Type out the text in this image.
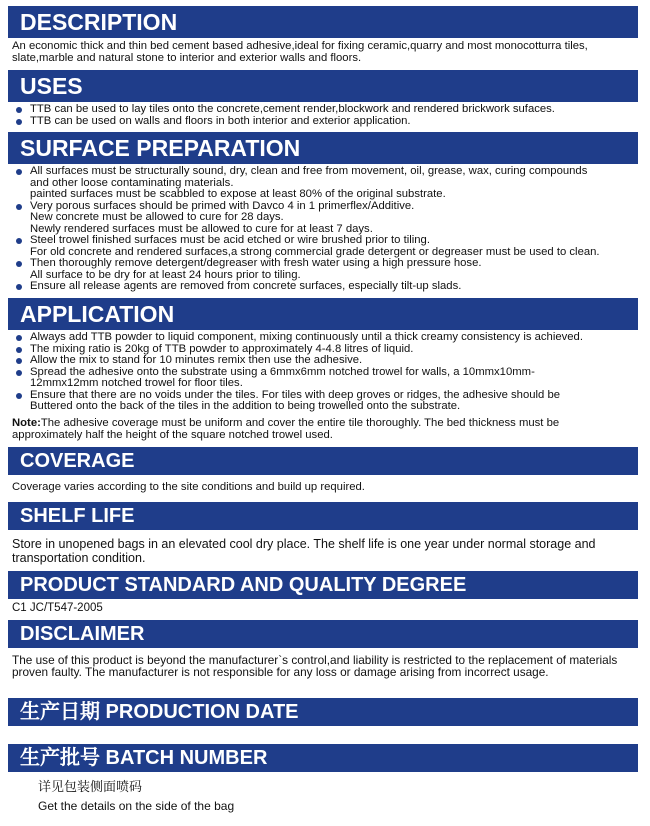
DESCRIPTION
An economic thick and thin bed cement based adhesive,ideal for fixing ceramic,quarry and most monocotturra tiles, slate,marble and natural stone to interior and exterior walls and floors.
USES
TTB can be used to lay tiles onto the concrete,cement render,blockwork and rendered brickwork sufaces.
TTB can be used on walls and floors in both interior and exterior application.
SURFACE PREPARATION
All surfaces must be structurally sound, dry, clean and free from movement, oil, grease, wax, curing compounds
and other loose contaminating materials.
painted surfaces must be scabbled to expose at least 80% of the original substrate.
Very porous surfaces should be primed with Davco 4 in 1 primerflex/Additive.
New concrete must be allowed to cure for 28 days.
Newly rendered surfaces must be allowed to cure for at least 7 days.
Steel trowel finished surfaces must be acid etched or wire brushed prior to tiling.
For old concrete and rendered surfaces,a strong commercial grade detergent or degreaser must be used to clean.
Then thoroughly remove detergent/degreaser with fresh water using a high pressure hose.
All surface to be dry for at least 24 hours prior to tiling.
Ensure all release agents are removed from concrete surfaces, especially tilt-up slads.
APPLICATION
Always add TTB powder to liquid component, mixing continuously until a thick creamy consistency is achieved.
The mixing ratio is 20kg of TTB powder to approximately 4-4.8 litres of liquid.
Allow the mix to stand for 10 minutes remix then use the adhesive.
Spread the adhesive onto the substrate using a 6mmx6mm notched trowel for walls, a 10mmx10mm-
12mmx12mm notched trowel for floor tiles.
Ensure that there are no voids under the tiles. For tiles with deep groves or ridges, the adhesive should be
Buttered onto the back of the tiles in the addition to being trowelled onto the substrate.
Note:The adhesive coverage must be uniform and cover the entire tile thoroughly. The bed thickness must be
approximately half the height of the square notched trowel used.
COVERAGE
Coverage varies according to the site conditions and build up required.
SHELF LIFE
Store in unopened bags in an elevated cool dry place. The shelf life is one year under normal storage and transportation condition.
PRODUCT STANDARD AND QUALITY DEGREE
C1 JC/T547-2005
DISCLAIMER
The use of this product is beyond the manufacturer`s control,and liability is restricted to the replacement of materials proven faulty. The manufacturer is not responsible for any loss or damage arising from incorrect usage.
生产日期 PRODUCTION DATE
生产批号 BATCH NUMBER
详见包装侧面喷码
Get the details on the side of the bag
